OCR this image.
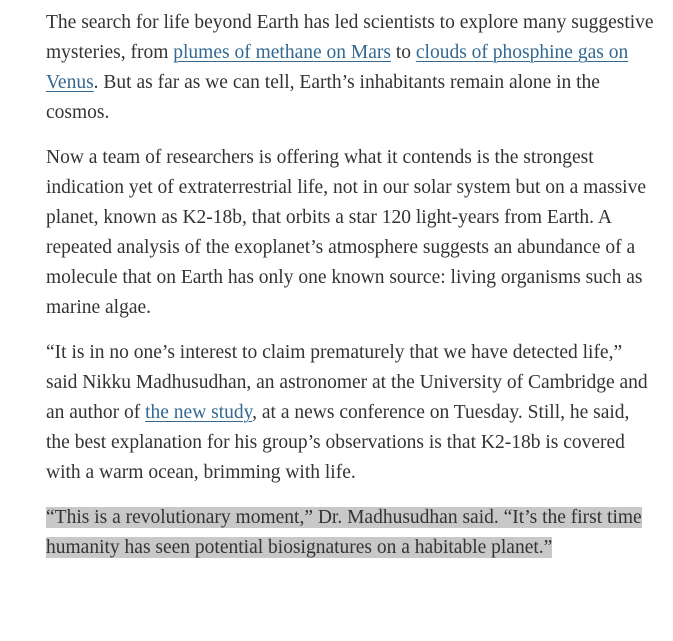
The search for life beyond Earth has led scientists to explore many suggestive mysteries, from plumes of methane on Mars to clouds of phosphine gas on Venus. But as far as we can tell, Earth’s inhabitants remain alone in the cosmos.

Now a team of researchers is offering what it contends is the strongest indication yet of extraterrestrial life, not in our solar system but on a massive planet, known as K2-18b, that orbits a star 120 light-years from Earth. A repeated analysis of the exoplanet’s atmosphere suggests an abundance of a molecule that on Earth has only one known source: living organisms such as marine algae.

“It is in no one’s interest to claim prematurely that we have detected life,” said Nikku Madhusudhan, an astronomer at the University of Cambridge and an author of the new study, at a news conference on Tuesday. Still, he said, the best explanation for his group’s observations is that K2-18b is covered with a warm ocean, brimming with life.

“This is a revolutionary moment,” Dr. Madhusudhan said. “It’s the first time humanity has seen potential biosignatures on a habitable planet.”
